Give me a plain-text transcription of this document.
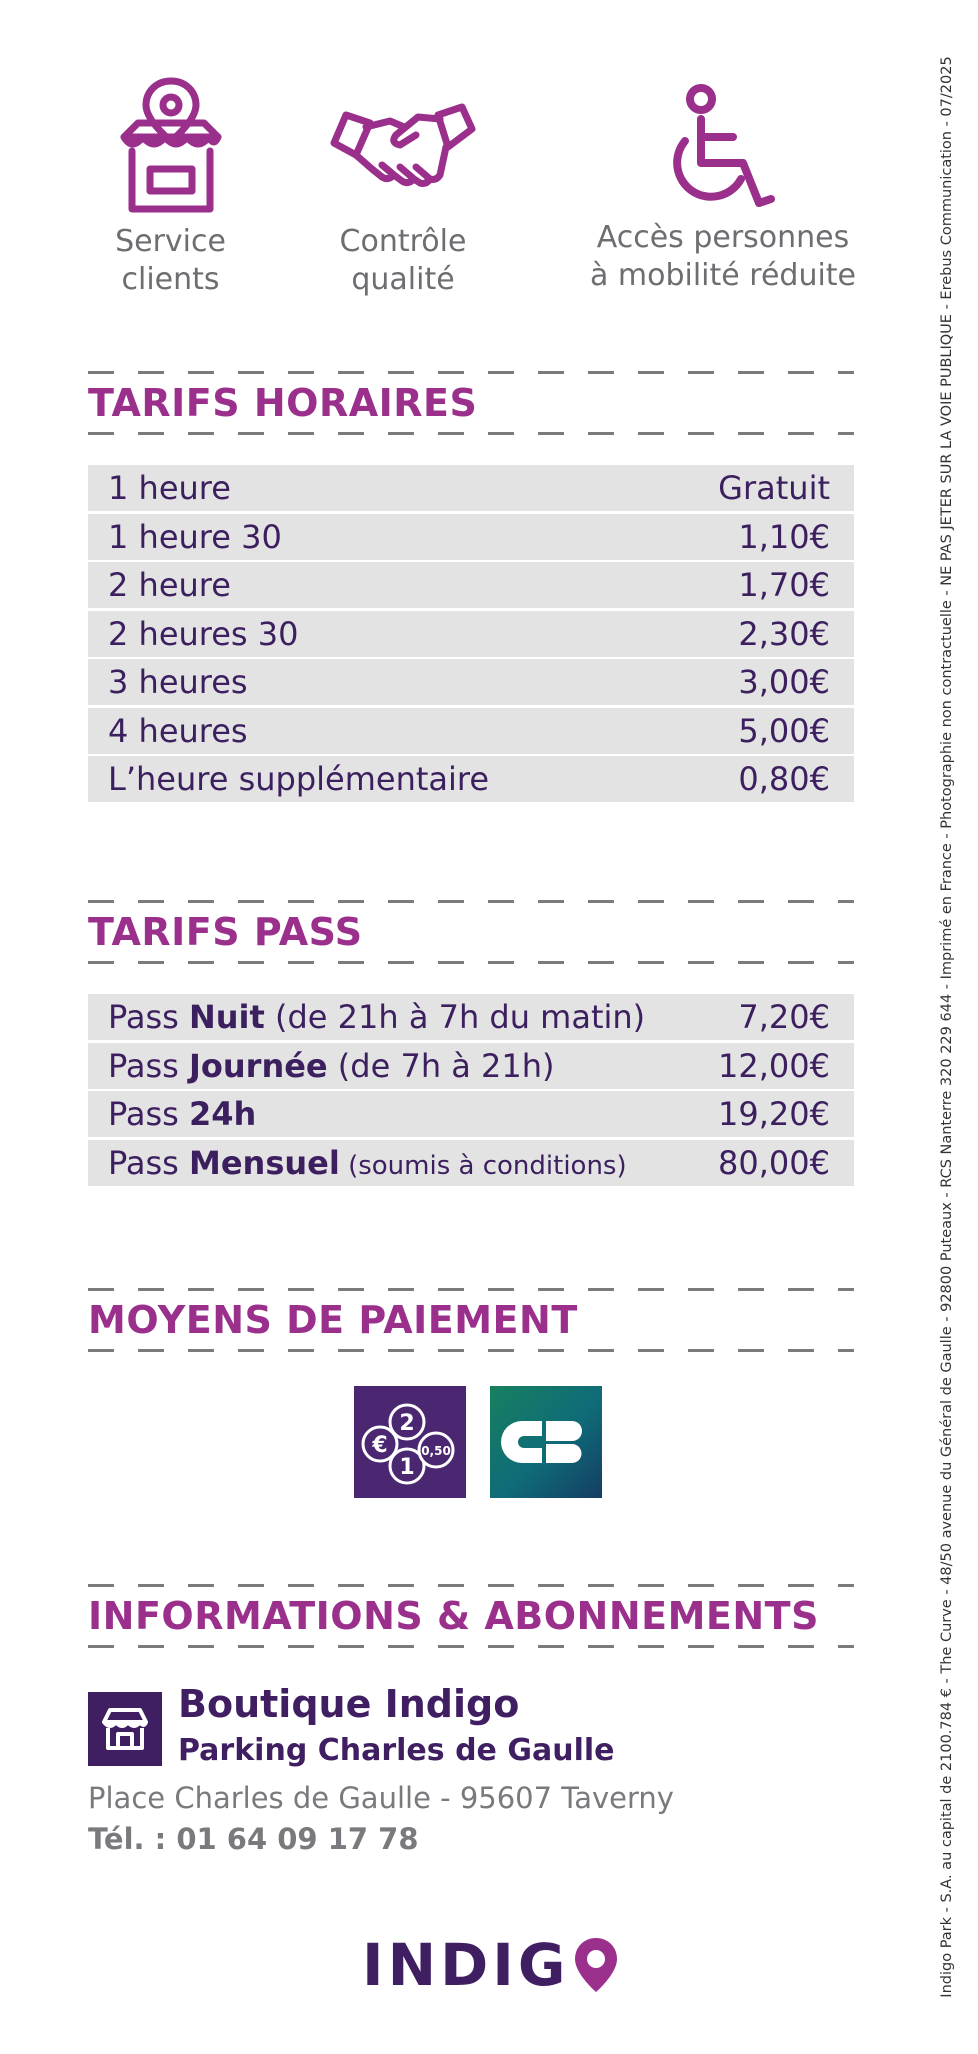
Service
clients
Contrôle
qualité
Accès personnes
à mobilité réduite
TARIFS HORAIRES
1 heure	Gratuit
1 heure 30	1,10€
2 heure	1,70€
2 heures 30	2,30€
3 heures	3,00€
4 heures	5,00€
L’heure supplémentaire	0,80€
TARIFS PASS
Pass Nuit (de 21h à 7h du matin)	7,20€
Pass Journée (de 7h à 21h)	12,00€
Pass 24h	19,20€
Pass Mensuel (soumis à conditions)	80,00€
MOYENS DE PAIEMENT
2
€
1
0,50
INFORMATIONS & ABONNEMENTS
Boutique Indigo
Parking Charles de Gaulle
Place Charles de Gaulle - 95607 Taverny
Tél. : 01 64 09 17 78
INDIG	Indigo Park - S.A. au capital de 2100.784 € - The Curve - 48/50 avenue du Général de Gaulle - 92800 Puteaux - RCS Nanterre 320 229 644 - Imprimé en France - Photographie non contractuelle - NE PAS JETER SUR LA VOIE PUBLIQUE - Erebus Communication - 07/2025
